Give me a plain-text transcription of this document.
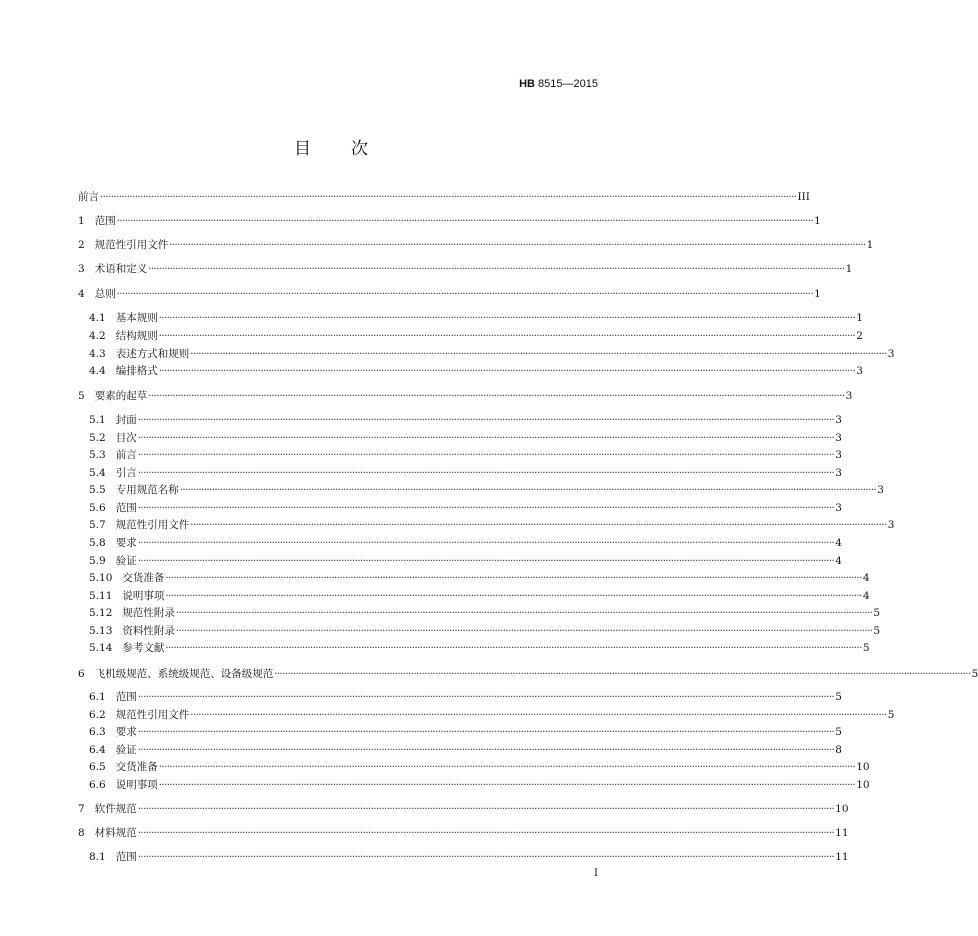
HB 8515—2015
目次
前言 ···································································································································································································································································· III
1 范围 ···································································································································································································································································· 1
2 规范性引用文件 ···································································································································································································································································· 1
3 术语和定义 ···································································································································································································································································· 1
4 总则 ···································································································································································································································································· 1
4.1 基本规则 ···································································································································································································································································· 1
4.2 结构规则 ···································································································································································································································································· 2
4.3 表述方式和规则 ···································································································································································································································································· 3
4.4 编排格式 ···································································································································································································································································· 3
5 要素的起草 ···································································································································································································································································· 3
5.1 封面 ···································································································································································································································································· 3
5.2 目次 ···································································································································································································································································· 3
5.3 前言 ···································································································································································································································································· 3
5.4 引言 ···································································································································································································································································· 3
5.5 专用规范名称 ···································································································································································································································································· 3
5.6 范围 ···································································································································································································································································· 3
5.7 规范性引用文件 ···································································································································································································································································· 3
5.8 要求 ···································································································································································································································································· 4
5.9 验证 ···································································································································································································································································· 4
5.10 交货准备 ···································································································································································································································································· 4
5.11 说明事项 ···································································································································································································································································· 4
5.12 规范性附录 ···································································································································································································································································· 5
5.13 资料性附录 ···································································································································································································································································· 5
5.14 参考文献 ···································································································································································································································································· 5
6 飞机级规范、系统级规范、设备级规范 ···································································································································································································································································· 5
6.1 范围 ···································································································································································································································································· 5
6.2 规范性引用文件 ···································································································································································································································································· 5
6.3 要求 ···································································································································································································································································· 5
6.4 验证 ···································································································································································································································································· 8
6.5 交货准备 ···································································································································································································································································· 10
6.6 说明事项 ···································································································································································································································································· 10
7 软件规范 ···································································································································································································································································· 10
8 材料规范 ···································································································································································································································································· 11
8.1 范围 ···································································································································································································································································· 11
I
